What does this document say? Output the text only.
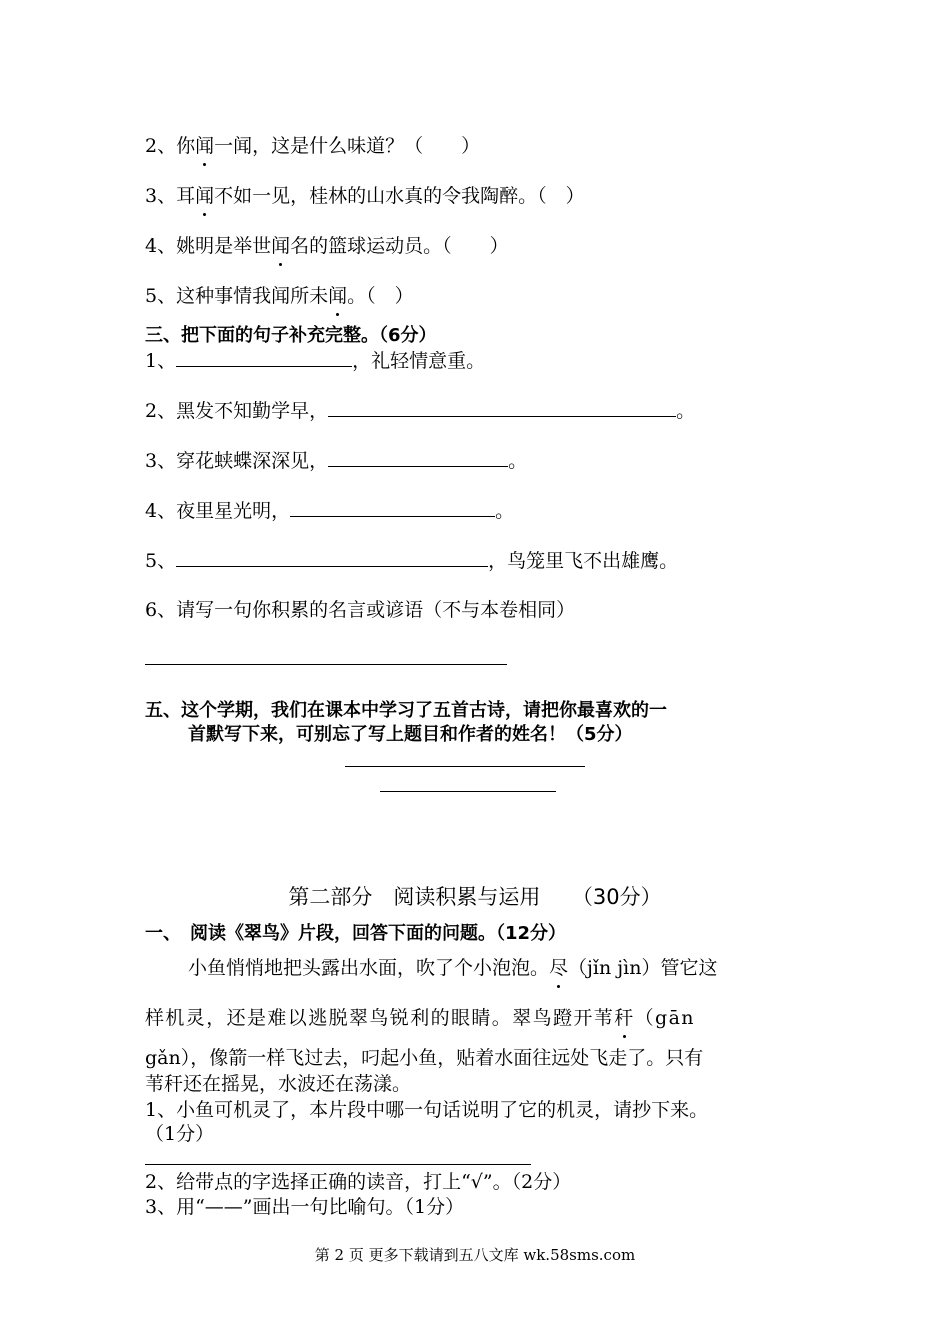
2、你闻一闻，这是什么味道？（　　）
3、耳闻不如一见，桂林的山水真的令我陶醉。（　）
4、姚明是举世闻名的篮球运动员。（　　）
5、这种事情我闻所未闻。（　）
三、把下面的句子补充完整。（6分）
1、	，礼轻情意重。
2、黑发不知勤学早，	。
3、穿花蛱蝶深深见，	。
4、夜里星光明，	。
5、	，鸟笼里飞不出雄鹰。
6、请写一句你积累的名言或谚语（不与本卷相同）
五、这个学期，我们在课本中学习了五首古诗，请把你最喜欢的一
首默写下来，可别忘了写上题目和作者的姓名！（5分）
第二部分　阅读积累与运用　　（30分）
一、　阅读《翠鸟》片段，回答下面的问题。（12分）
小鱼悄悄地把头露出水面，吹了个小泡泡。尽（jǐn jìn）管它这
样机灵，还是难以逃脱翠鸟锐利的眼睛。翠鸟蹬开苇秆（gān
gǎn），像箭一样飞过去，叼起小鱼，贴着水面往远处飞走了。只有
苇秆还在摇晃，水波还在荡漾。
1、小鱼可机灵了，本片段中哪一句话说明了它的机灵，请抄下来。
（1分）
2、给带点的字选择正确的读音，打上“√”。（2分）
3、用“——”画出一句比喻句。（1分）
第 2 页 更多下载请到五八文库 wk.58sms.com
